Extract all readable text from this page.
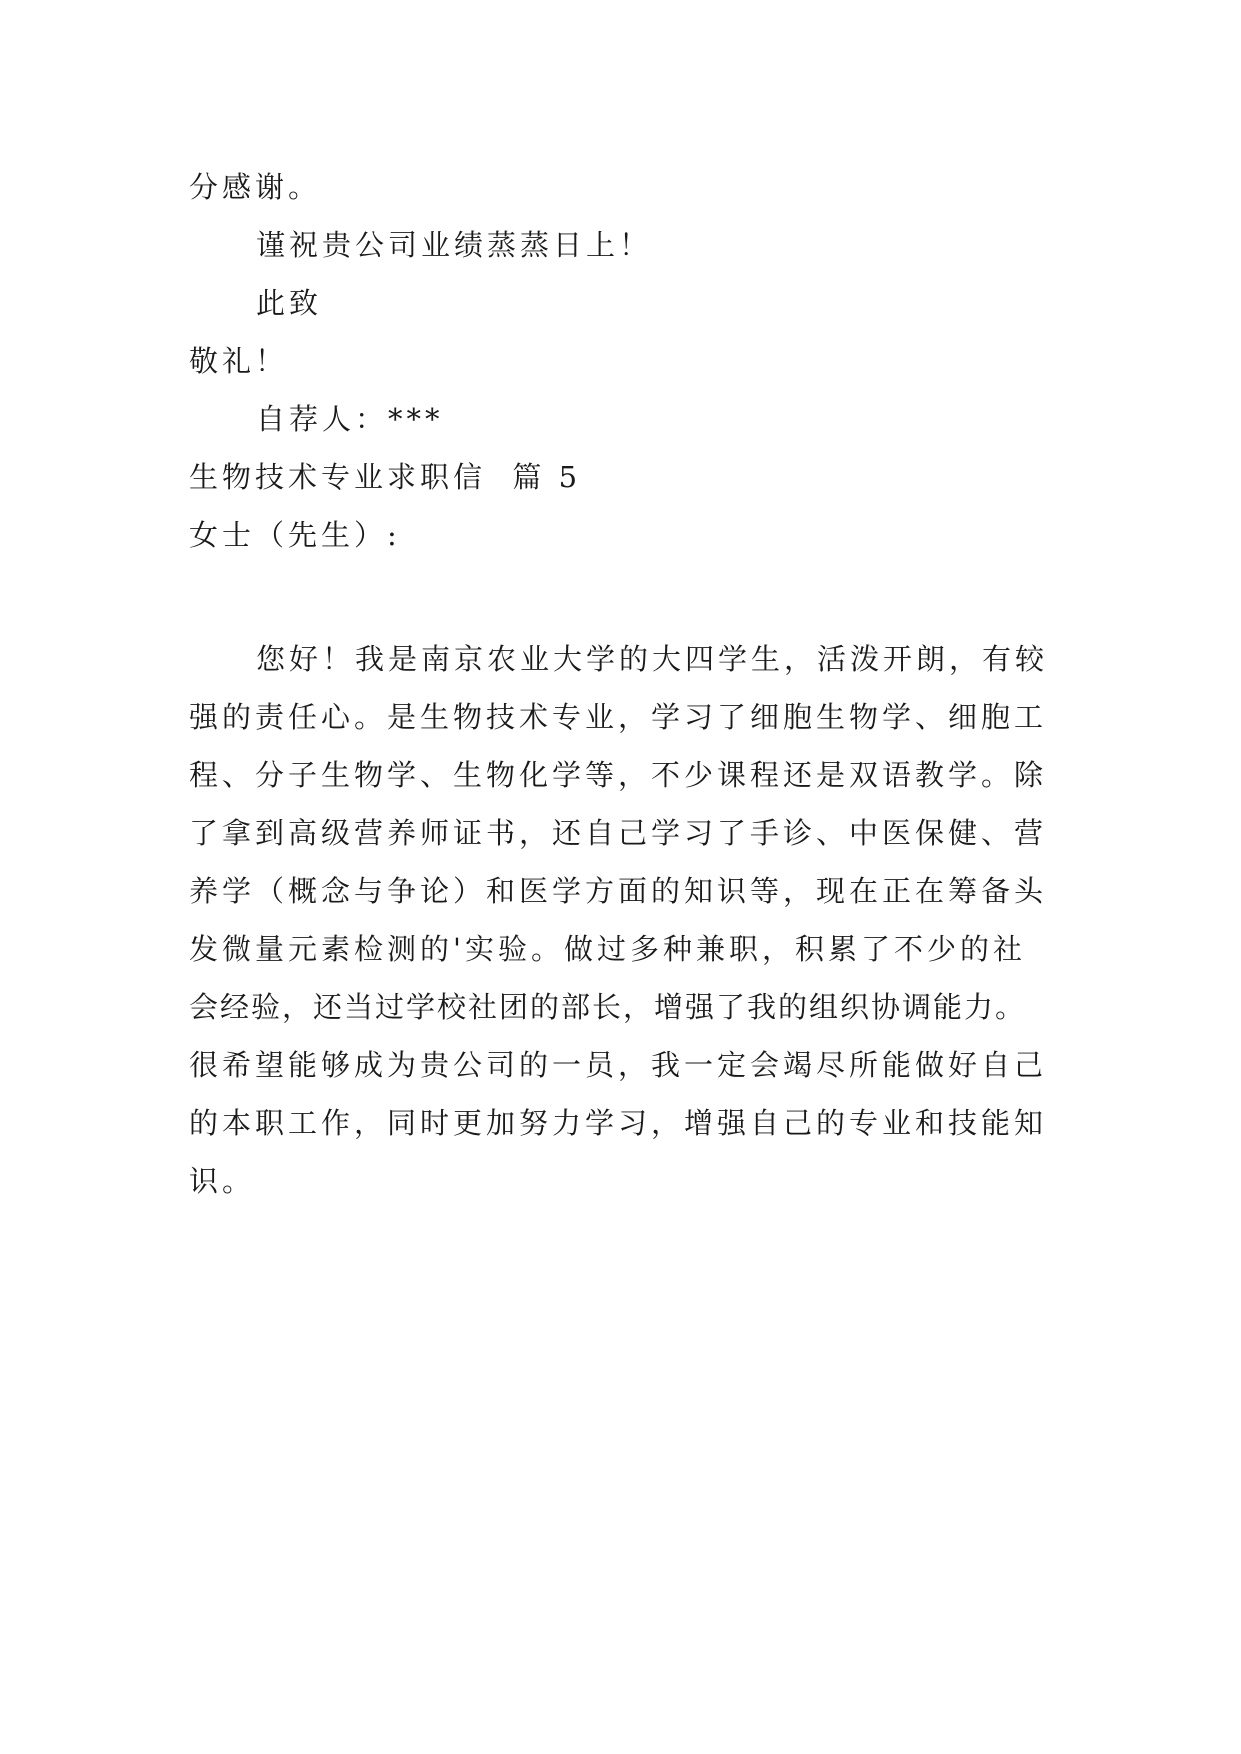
分感谢。
谨祝贵公司业绩蒸蒸日上！
此致
敬礼！
自荐人：***
生物技术专业求职信  篇 5
女士（先生）:
您好！我是南京农业大学的大四学生，活泼开朗，有较
强的责任心。是生物技术专业，学习了细胞生物学、细胞工
程、分子生物学、生物化学等，不少课程还是双语教学。除
了拿到高级营养师证书，还自己学习了手诊、中医保健、营
养学（概念与争论）和医学方面的知识等，现在正在筹备头
发微量元素检测的'实验。做过多种兼职，积累了不少的社
会经验，还当过学校社团的部长，增强了我的组织协调能力。
很希望能够成为贵公司的一员，我一定会竭尽所能做好自己
的本职工作，同时更加努力学习，增强自己的专业和技能知
识。
